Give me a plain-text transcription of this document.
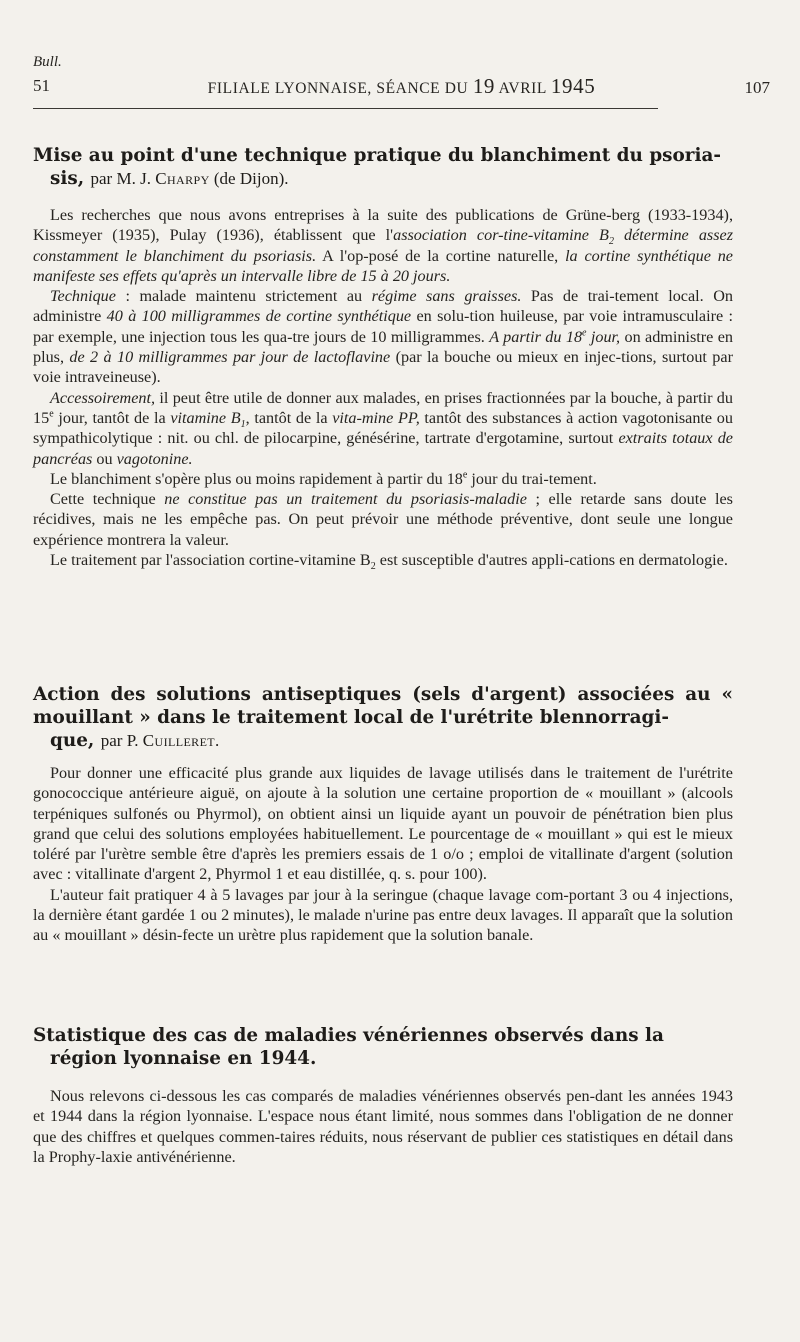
Bull.
51	FILIALE LYONNAISE, SÉANCE DU 19 AVRIL 1945	107
Mise au point d'une technique pratique du blanchiment du psoria-
sis, par M. J. Charpy (de Dijon).

Les recherches que nous avons entreprises à la suite des publications de Grüne-berg (1933-1934), Kissmeyer (1935), Pulay (1936), établissent que l'association cor-tine-vitamine $B_2$ détermine assez constamment le blanchiment du psoriasis. A l'op-posé de la cortine naturelle, la cortine synthétique ne manifeste ses effets qu'après un intervalle libre de 15 à 20 jours.

Technique : malade maintenu strictement au régime sans graisses. Pas de trai-tement local. On administre 40 à 100 milligrammes de cortine synthétique en solu-tion huileuse, par voie intramusculaire : par exemple, une injection tous les qua-tre jours de 10 milligrammes. A partir du 18e jour, on administre en plus, de 2 à 10 milligrammes par jour de lactoflavine (par la bouche ou mieux en injec-tions, surtout par voie intraveineuse).

Accessoirement, il peut être utile de donner aux malades, en prises fractionnées par la bouche, à partir du 15e jour, tantôt de la vitamine $B_1$, tantôt de la vita-mine PP, tantôt des substances à action vagotonisante ou sympathicolytique : nit. ou chl. de pilocarpine, génésérine, tartrate d'ergotamine, surtout extraits totaux de pancréas ou vagotonine.

Le blanchiment s'opère plus ou moins rapidement à partir du 18e jour du trai-tement.

Cette technique ne constitue pas un traitement du psoriasis-maladie ; elle retarde sans doute les récidives, mais ne les empêche pas. On peut prévoir une méthode préventive, dont seule une longue expérience montrera la valeur.

Le traitement par l'association cortine-vitamine $B_2$ est susceptible d'autres appli-cations en dermatologie.

Action des solutions antiseptiques (sels d'argent) associées au « mouillant » dans le traitement local de l'urétrite blennorragi-
que, par P. Cuilleret.

Pour donner une efficacité plus grande aux liquides de lavage utilisés dans le traitement de l'urétrite gonococcique antérieure aiguë, on ajoute à la solution une certaine proportion de « mouillant » (alcools terpéniques sulfonés ou Phyrmol), on obtient ainsi un liquide ayant un pouvoir de pénétration bien plus grand que celui des solutions employées habituellement. Le pourcentage de « mouillant » qui est le mieux toléré par l'urètre semble être d'après les premiers essais de 1 o/o ; emploi de vitallinate d'argent (solution avec : vitallinate d'argent 2, Phyrmol 1 et eau distillée, q. s. pour 100).

L'auteur fait pratiquer 4 à 5 lavages par jour à la seringue (chaque lavage com-portant 3 ou 4 injections, la dernière étant gardée 1 ou 2 minutes), le malade n'urine pas entre deux lavages. Il apparaît que la solution au « mouillant » désin-fecte un urètre plus rapidement que la solution banale.

Statistique des cas de maladies vénériennes observés dans la
région lyonnaise en 1944.

Nous relevons ci-dessous les cas comparés de maladies vénériennes observés pen-dant les années 1943 et 1944 dans la région lyonnaise. L'espace nous étant limité, nous sommes dans l'obligation de ne donner que des chiffres et quelques commen-taires réduits, nous réservant de publier ces statistiques en détail dans la Prophy-laxie antivénérienne.
